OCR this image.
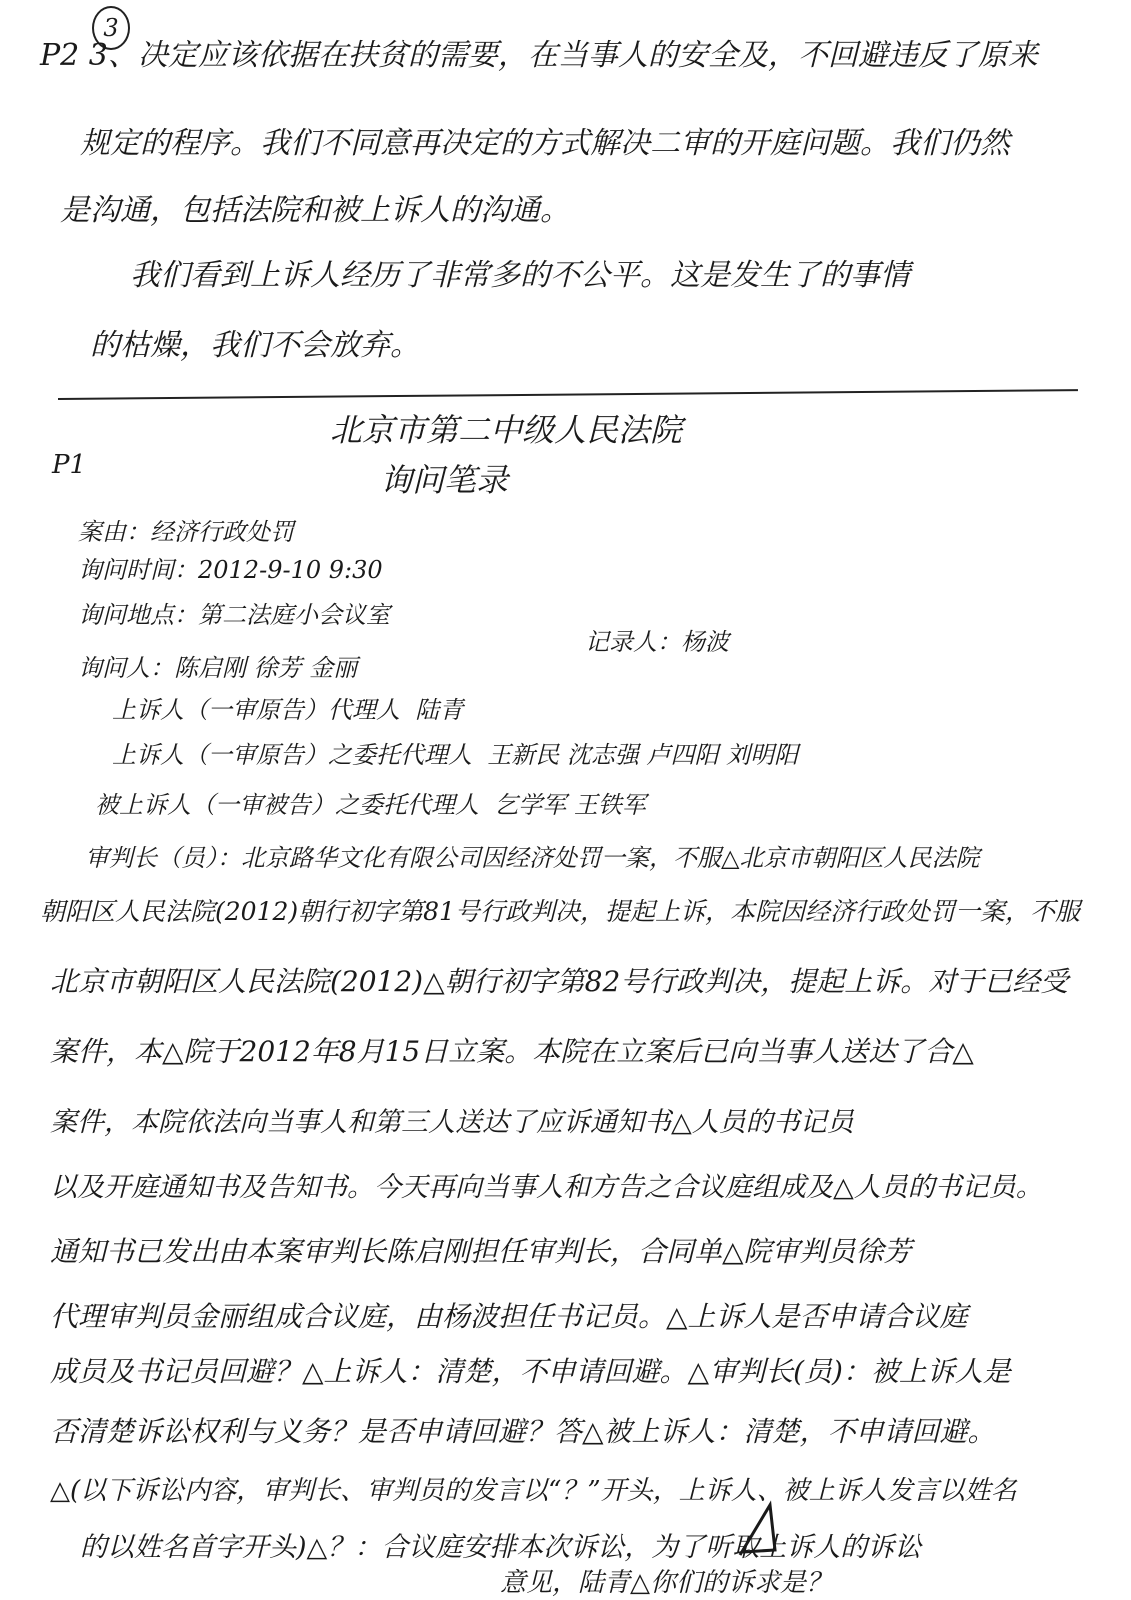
3
P2 3、决定应该依据在扶贫的需要，在当事人的安全及，不回避违反了原来
规定的程序。我们不同意再决定的方式解决二审的开庭问题。我们仍然
是沟通，包括法院和被上诉人的沟通。
我们看到上诉人经历了非常多的不公平。这是发生了的事情
的枯燥，我们不会放弃。
P1
北京市第二中级人民法院
询问笔录
案由：经济行政处罚
询问时间：2012-9-10 9:30
询问地点：第二法庭小会议室
询问人：陈启刚 徐芳 金丽
记录人：杨波
上诉人（一审原告）代理人 陆青
上诉人（一审原告）之委托代理人 王新民 沈志强 卢四阳 刘明阳
被上诉人（一审被告）之委托代理人 乞学军 王铁军
审判长（员）：北京路华文化有限公司因经济处罚一案，不服△北京市朝阳区人民法院
朝阳区人民法院(2012)朝行初字第81号行政判决，提起上诉，本院因经济行政处罚一案，不服
北京市朝阳区人民法院(2012)△朝行初字第82号行政判决，提起上诉。对于已经受
案件，本△院于2012年8月15日立案。本院在立案后已向当事人送达了合△
案件，本院依法向当事人和第三人送达了应诉通知书△人员的书记员
以及开庭通知书及告知书。今天再向当事人和方告之合议庭组成及△人员的书记员。
通知书已发出由本案审判长陈启刚担任审判长，合同单△院审判员徐芳
代理审判员金丽组成合议庭，由杨波担任书记员。△上诉人是否申请合议庭
成员及书记员回避？△上诉人：清楚，不申请回避。△审判长(员)：被上诉人是
否清楚诉讼权利与义务？是否申请回避？答△被上诉人：清楚，不申请回避。
△(以下诉讼内容，审判长、审判员的发言以“？”开头，上诉人、被上诉人发言以姓名
的以姓名首字开头)△？：合议庭安排本次诉讼，为了听取上诉人的诉讼
意见，陆青△你们的诉求是？
